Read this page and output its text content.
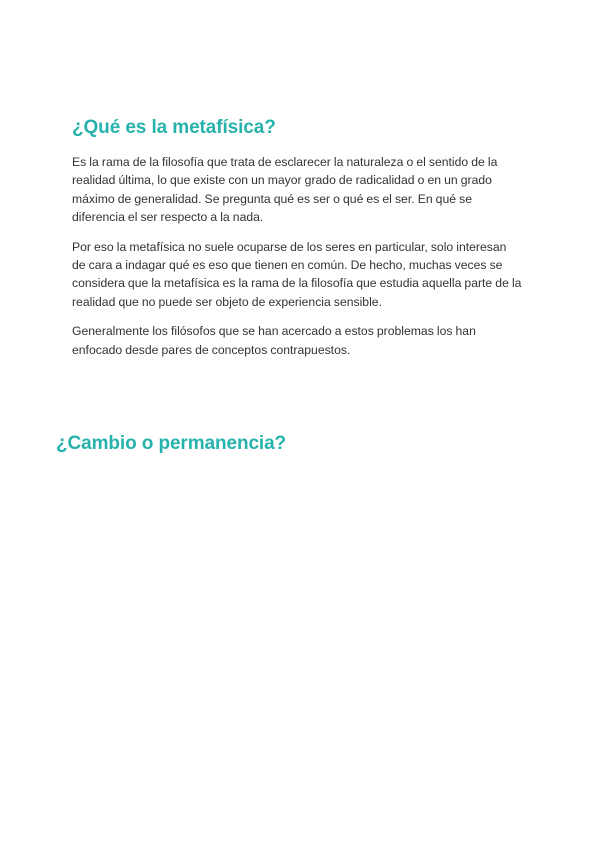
¿Qué es la metafísica?

Es la rama de la filosofía que trata de esclarecer la naturaleza o el sentido de la realidad última, lo que existe con un mayor grado de radicalidad o en un grado máximo de generalidad. Se pregunta qué es ser o qué es el ser. En qué se diferencia el ser respecto a la nada.

Por eso la metafísica no suele ocuparse de los seres en particular, solo interesan de cara a indagar qué es eso que tienen en común. De hecho, muchas veces se considera que la metafísica es la rama de la filosofía que estudia aquella parte de la realidad que no puede ser objeto de experiencia sensible.

Generalmente los filósofos que se han acercado a estos problemas los han enfocado desde pares de conceptos contrapuestos.

¿Cambio o permanencia?
